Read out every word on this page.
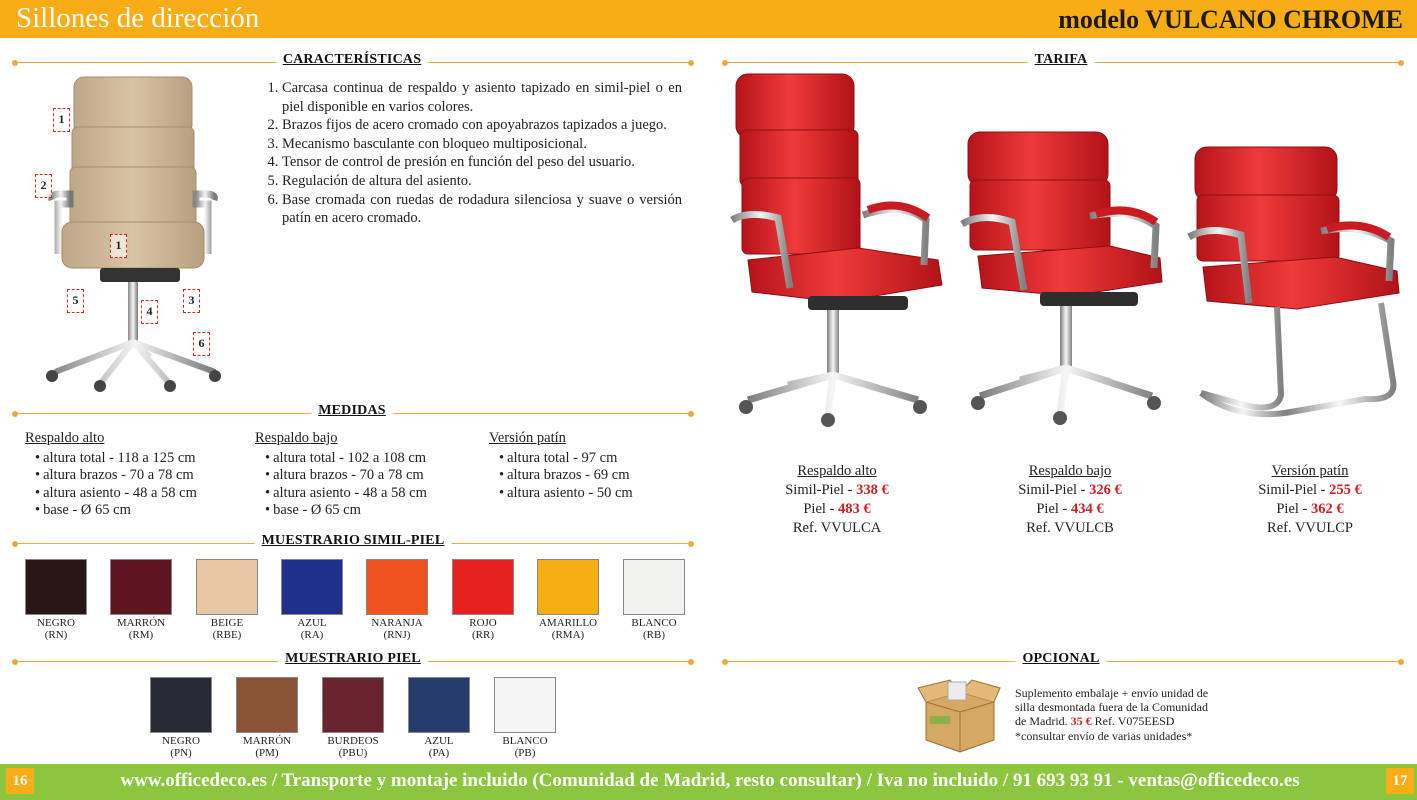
Sillones de dirección	modelo VULCANO CHROME
CARACTERÍSTICAS
1
2
1
5
4
3
6
1. Carcasa continua de respaldo y asiento tapizado en simil-piel o en piel disponible en varios colores.
2. Brazos fijos de acero cromado con apoyabrazos tapizados a juego.
3. Mecanismo basculante con bloqueo multiposicional.
4. Tensor de control de presión en función del peso del usuario.
5. Regulación de altura del asiento.
6. Base cromada con ruedas de rodadura silenciosa y suave o versión patín en acero cromado.
MEDIDAS
Respaldo alto
• altura total - 118 a 125 cm
• altura brazos - 70 a 78 cm
• altura asiento - 48 a 58 cm
• base - Ø 65 cm
Respaldo bajo
• altura total - 102 a 108 cm
• altura brazos - 70 a 78 cm
• altura asiento - 48 a 58 cm
• base - Ø 65 cm
Versión patín
• altura total - 97 cm
• altura brazos - 69 cm
• altura asiento - 50 cm
MUESTRARIO SIMIL-PIEL
NEGRO
(RN)
MARRÓN
(RM)
BEIGE
(RBE)
AZUL
(RA)
NARANJA
(RNJ)
ROJO
(RR)
AMARILLO
(RMA)
BLANCO
(RB)
MUESTRARIO PIEL
NEGRO
(PN)
MARRÓN
(PM)
BURDEOS
(PBU)
AZUL
(PA)
BLANCO
(PB)
TARIFA
Respaldo alto
Simil-Piel - 338 €
Piel - 483 €
Ref. VVULCA
Respaldo bajo
Simil-Piel - 326 €
Piel - 434 €
Ref. VVULCB
Versión patín
Simil-Piel - 255 €
Piel - 362 €
Ref. VVULCP
OPCIONAL
Suplemento embalaje + envío unidad de
silla desmontada fuera de la Comunidad
de Madrid. 35 € Ref. V075EESD
*consultar envío de varias unidades*
16	17
www.officedeco.es / Transporte y montaje incluido (Comunidad de Madrid, resto consultar) / Iva no incluido / 91 693 93 91 - ventas@officedeco.es
